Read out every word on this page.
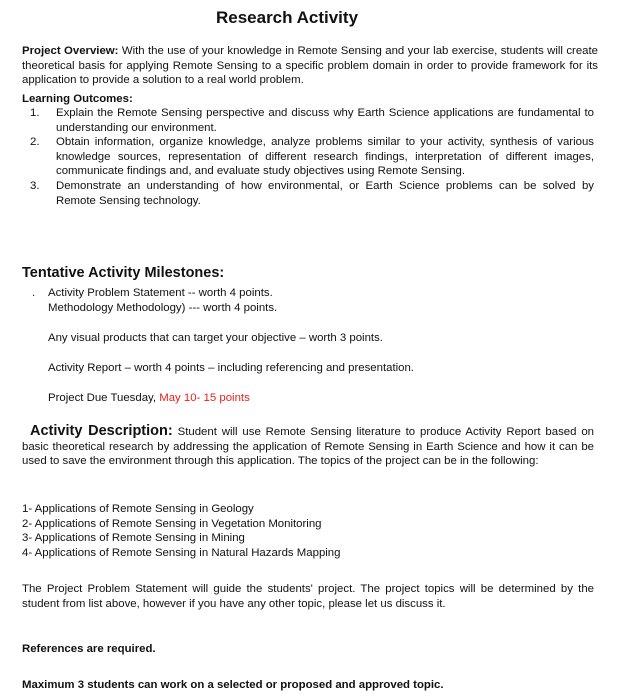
Research Activity
Project Overview: With the use of your knowledge in Remote Sensing and your lab exercise, students will create theoretical basis for applying Remote Sensing to a specific problem domain in order to provide framework for its application to provide a solution to a real world problem.
Learning Outcomes:
1. Explain the Remote Sensing perspective and discuss why Earth Science applications are fundamental to understanding our environment.
2. Obtain information, organize knowledge, analyze problems similar to your activity, synthesis of various knowledge sources, representation of different research findings, interpretation of different images, communicate findings and, and evaluate study objectives using Remote Sensing.
3. Demonstrate an understanding of how environmental, or Earth Science problems can be solved by Remote Sensing technology.
Tentative Activity Milestones:
. Activity Problem Statement -- worth 4 points.
Methodology Methodology) --- worth 4 points.
Any visual products that can target your objective – worth 3 points.
Activity Report – worth 4 points – including referencing and presentation.
Project Due Tuesday, May 10- 15 points
Activity Description: Student will use Remote Sensing literature to produce Activity Report based on basic theoretical research by addressing the application of Remote Sensing in Earth Science and how it can be used to save the environment through this application. The topics of the project can be in the following:
1- Applications of Remote Sensing in Geology
2- Applications of Remote Sensing in Vegetation Monitoring
3- Applications of Remote Sensing in Mining
4- Applications of Remote Sensing in Natural Hazards Mapping
The Project Problem Statement will guide the students' project. The project topics will be determined by the student from list above, however if you have any other topic, please let us discuss it.
References are required.
Maximum 3 students can work on a selected or proposed and approved topic.
